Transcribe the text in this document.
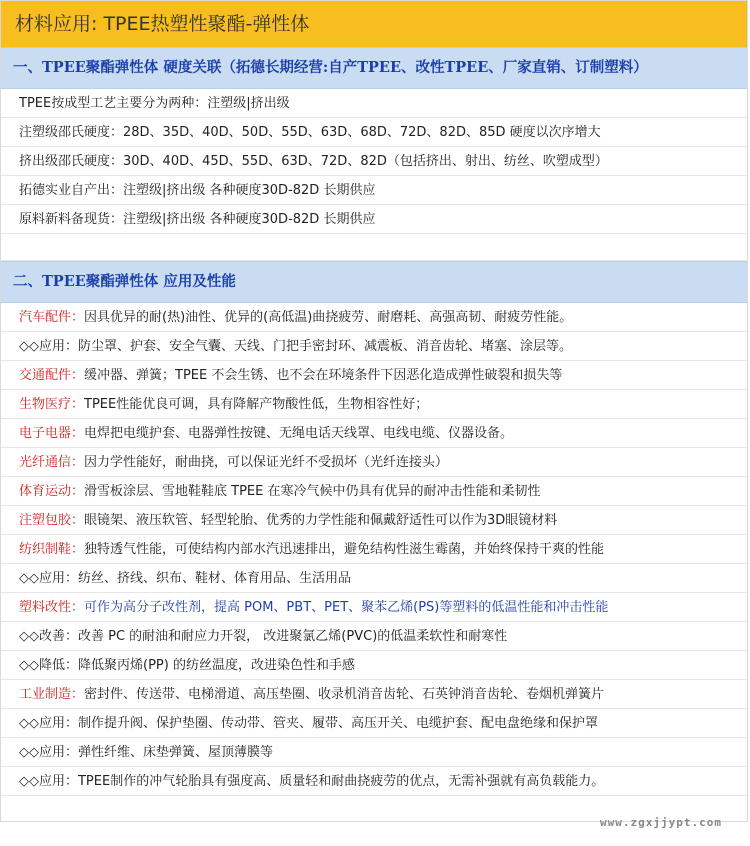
材料应用: TPEE热塑性聚酯-弹性体
一、TPEE聚酯弹性体 硬度关联（拓德长期经营:自产TPEE、改性TPEE、厂家直销、订制塑料）
TPEE按成型工艺主要分为两种：注塑级|挤出级
注塑级邵氏硬度：28D、35D、40D、50D、55D、63D、68D、72D、82D、85D 硬度以次序增大
挤出级邵氏硬度：30D、40D、45D、55D、63D、72D、82D（包括挤出、射出、纺丝、吹塑成型）
拓德实业自产出：注塑级|挤出级 各种硬度30D-82D 长期供应
原料新料备现货：注塑级|挤出级 各种硬度30D-82D 长期供应
二、TPEE聚酯弹性体 应用及性能
汽车配件：因具优异的耐(热)油性、优异的(高低温)曲挠疲劳、耐磨耗、高强高韧、耐疲劳性能。
◇◇应用：防尘罩、护套、安全气囊、天线、门把手密封环、减震板、消音齿轮、堵塞、涂层等。
交通配件：缓冲器、弹簧；TPEE 不会生锈、也不会在环境条件下因恶化造成弹性破裂和损失等
生物医疗：TPEE性能优良可调，具有降解产物酸性低，生物相容性好；
电子电器：电焊把电缆护套、电器弹性按键、无绳电话天线罩、电线电缆、仪器设备。
光纤通信：因力学性能好，耐曲挠，可以保证光纤不受损坏（光纤连接头）
体育运动：滑雪板涂层、雪地鞋鞋底 TPEE 在寒冷气候中仍具有优异的耐冲击性能和柔韧性
注塑包胶：眼镜架、液压软管、轻型轮胎、优秀的力学性能和佩戴舒适性可以作为3D眼镜材料
纺织制鞋：独特透气性能，可使结构内部水汽迅速排出，避免结构性滋生霉菌，并始终保持干爽的性能
◇◇应用：纺丝、挤线、织布、鞋材、体育用品、生活用品
塑料改性：可作为高分子改性剂，提高 POM、PBT、PET、聚苯乙烯(PS)等塑料的低温性能和冲击性能
◇◇改善：改善 PC 的耐油和耐应力开裂， 改进聚氯乙烯(PVC)的低温柔软性和耐寒性
◇◇降低：降低聚丙烯(PP) 的纺丝温度，改进染色性和手感
工业制造：密封件、传送带、电梯滑道、高压垫圈、收录机消音齿轮、石英钟消音齿轮、卷烟机弹簧片
◇◇应用：制作提升阀、保护垫圈、传动带、管夹、履带、高压开关、电缆护套、配电盘绝缘和保护罩
◇◇应用：弹性纤维、床垫弹簧、屋顶薄膜等
◇◇应用：TPEE制作的冲气轮胎具有强度高、质量轻和耐曲挠疲劳的优点，无需补强就有高负载能力。
www.zgxjjypt.com
